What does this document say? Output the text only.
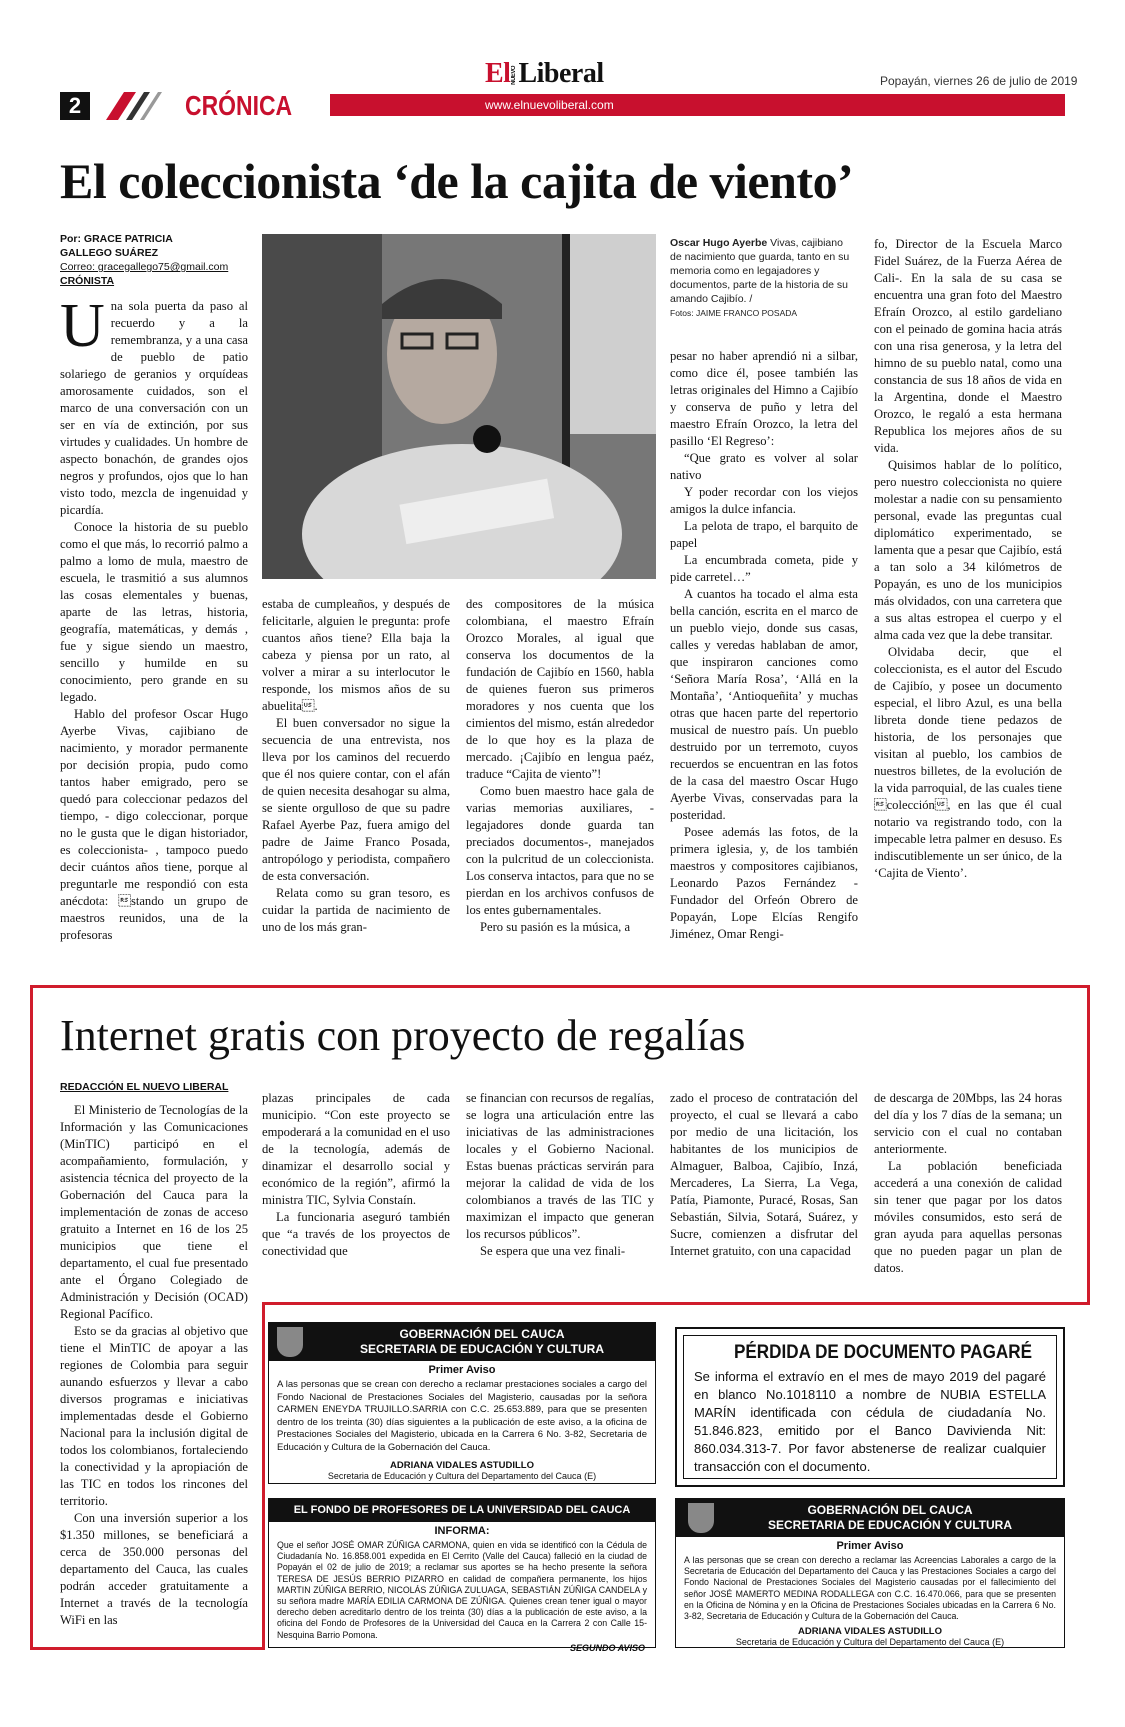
2	CRÓNICA
ElNUEVOLiberal
www.elnuevoliberal.com
Popayán, viernes 26 de julio de 2019
El coleccionista ‘de la cajita de viento’
Por: GRACE PATRICIA
GALLEGO SUÁREZ
Correo: gracegallego75@gmail.com
CRÓNISTA
U na sola puerta da paso al recuerdo y a la remembranza, y a una casa de pueblo de patio solariego de geranios y orquídeas amorosamente cuidados, son el marco de una conversación con un ser en vía de extinción, por sus virtudes y cualidades. Un hombre de aspecto bonachón, de grandes ojos negros y profundos, ojos que lo han visto todo, mezcla de ingenuidad y picardía.

Conoce la historia de su pueblo como el que más, lo recorrió palmo a palmo a lomo de mula, maestro de escuela, le trasmitió a sus alumnos las cosas elementales y buenas, aparte de las letras, historia, geografía, matemáticas, y demás , fue y sigue siendo un maestro, sencillo y humilde en su conocimiento, pero grande en su legado.

Hablo del profesor Oscar Hugo Ayerbe Vivas, cajibiano de nacimiento, y morador permanente por decisión propia, pudo como tantos haber emigrado, pero se quedó para coleccionar pedazos del tiempo, - digo coleccionar, porque no le gusta que le digan historiador, es coleccionista- , tampoco puedo decir cuántos años tiene, porque al preguntarle me respondió con esta anécdota: stando un grupo de maestros reunidos, una de la profesoras

estaba de cumpleaños, y después de felicitarle, alguien le pregunta: profe cuantos años tiene? Ella baja la cabeza y piensa por un rato, al volver a mirar a su interlocutor le responde, los mismos años de su abuelita.

El buen conversador no sigue la secuencia de una entrevista, nos lleva por los caminos del recuerdo que él nos quiere contar, con el afán de quien necesita desahogar su alma, se siente orgulloso de que su padre Rafael Ayerbe Paz, fuera amigo del padre de Jaime Franco Posada, antropólogo y periodista, compañero de esta conversación.

Relata como su gran tesoro, es cuidar la partida de nacimiento de uno de los más gran-

des compositores de la música colombiana, el maestro Efraín Orozco Morales, al igual que conserva los documentos de la fundación de Cajibío en 1560, habla de quienes fueron sus primeros moradores y nos cuenta que los cimientos del mismo, están alrededor de lo que hoy es la plaza de mercado. ¡Cajibío en lengua paéz, traduce “Cajita de viento”!

Como buen maestro hace gala de varias memorias auxiliares, - legajadores donde guarda tan preciados documentos-, manejados con la pulcritud de un coleccionista. Los conserva intactos, para que no se pierdan en los archivos confusos de los entes gubernamentales.

Pero su pasión es la música, a

Oscar Hugo Ayerbe Vivas, cajibiano de nacimiento que guarda, tanto en su memoria como en legajadores y documentos, parte de la historia de su amando Cajibío. /
Fotos: JAIME FRANCO POSADA

pesar no haber aprendió ni a silbar, como dice él, posee también las letras originales del Himno a Cajibío y conserva de puño y letra del maestro Efraín Orozco, la letra del pasillo ‘El Regreso’:

“Que grato es volver al solar nativo

Y poder recordar con los viejos amigos la dulce infancia.

La pelota de trapo, el barquito de papel

La encumbrada cometa, pide y pide carretel…”

A cuantos ha tocado el alma esta bella canción, escrita en el marco de un pueblo viejo, donde sus casas, calles y veredas hablaban de amor, que inspiraron canciones como ‘Señora María Rosa’, ‘Allá en la Montaña’, ‘Antioqueñita’ y muchas otras que hacen parte del repertorio musical de nuestro país. Un pueblo destruido por un terremoto, cuyos recuerdos se encuentran en las fotos de la casa del maestro Oscar Hugo Ayerbe Vivas, conservadas para la posteridad.

Posee además las fotos, de la primera iglesia, y, de los también maestros y compositores cajibianos, Leonardo Pazos Fernández -Fundador del Orfeón Obrero de Popayán, Lope Elcías Rengifo Jiménez, Omar Rengi-

fo, Director de la Escuela Marco Fidel Suárez, de la Fuerza Aérea de Cali-. En la sala de su casa se encuentra una gran foto del Maestro Efraín Orozco, al estilo gardeliano con el peinado de gomina hacia atrás con una risa generosa, y la letra del himno de su pueblo natal, como una constancia de sus 18 años de vida en la Argentina, donde el Maestro Orozco, le regaló a esta hermana Republica los mejores años de su vida.

Quisimos hablar de lo político, pero nuestro coleccionista no quiere molestar a nadie con su pensamiento personal, evade las preguntas cual diplomático experimentado, se lamenta que a pesar que Cajibío, está a tan solo a 34 kilómetros de Popayán, es uno de los municipios más olvidados, con una carretera que a sus altas estropea el cuerpo y el alma cada vez que la debe transitar.

Olvidaba decir, que el coleccionista, es el autor del Escudo de Cajibío, y posee un documento especial, el libro Azul, es una bella libreta donde tiene pedazos de historia, de los personajes que visitan al pueblo, los cambios de nuestros billetes, de la evolución de la vida parroquial, de las cuales tiene colección, en las que él cual notario va registrando todo, con la impecable letra palmer en desuso. Es indiscutiblemente un ser único, de la ‘Cajita de Viento’.

Internet gratis con proyecto de regalías
REDACCIÓN EL NUEVO LIBERAL

El Ministerio de Tecnologías de la Información y las Comunicaciones (MinTIC) participó en el acompañamiento, formulación, y asistencia técnica del proyecto de la Gobernación del Cauca para la implementación de zonas de acceso gratuito a Internet en 16 de los 25 municipios que tiene el departamento, el cual fue presentado ante el Órgano Colegiado de Administración y Decisión (OCAD) Regional Pacífico.

Esto se da gracias al objetivo que tiene el MinTIC de apoyar a las regiones de Colombia para seguir aunando esfuerzos y llevar a cabo diversos programas e iniciativas implementadas desde el Gobierno Nacional para la inclusión digital de todos los colombianos, fortaleciendo la conectividad y la apropiación de las TIC en todos los rincones del territorio.

Con una inversión superior a los $1.350 millones, se beneficiará a cerca de 350.000 personas del departamento del Cauca, las cuales podrán acceder gratuitamente a Internet a través de la tecnología WiFi en las

plazas principales de cada municipio. “Con este proyecto se empoderará a la comunidad en el uso de la tecnología, además de dinamizar el desarrollo social y económico de la región”, afirmó la ministra TIC, Sylvia Constaín.

La funcionaria aseguró también que “a través de los proyectos de conectividad que

se financian con recursos de regalías, se logra una articulación entre las iniciativas de las administraciones locales y el Gobierno Nacional. Estas buenas prácticas servirán para mejorar la calidad de vida de los colombianos a través de las TIC y maximizan el impacto que generan los recursos públicos”.

Se espera que una vez finali-

zado el proceso de contratación del proyecto, el cual se llevará a cabo por medio de una licitación, los habitantes de los municipios de Almaguer, Balboa, Cajibío, Inzá, Mercaderes, La Sierra, La Vega, Patía, Piamonte, Puracé, Rosas, San Sebastián, Silvia, Sotará, Suárez, y Sucre, comienzen a disfrutar del Internet gratuito, con una capacidad

de descarga de 20Mbps, las 24 horas del día y los 7 días de la semana; un servicio con el cual no contaban anteriormente.

La población beneficiada accederá a una conexión de calidad sin tener que pagar por los datos móviles consumidos, esto será de gran ayuda para aquellas personas que no pueden pagar un plan de datos.

GOBERNACIÓN DEL CAUCA
SECRETARIA DE EDUCACIÓN Y CULTURA
Primer Aviso
A las personas que se crean con derecho a reclamar prestaciones sociales a cargo del Fondo Nacional de Prestaciones Sociales del Magisterio, causadas por la señora CARMEN ENEYDA TRUJILLO.SARRIA con C.C. 25.653.889, para que se presenten dentro de los treinta (30) días siguientes a la publicación de este aviso, a la oficina de Prestaciones Sociales del Magisterio, ubicada en la Carrera 6 No. 3-82, Secretaria de Educación y Cultura de la Gobernación del Cauca.
ADRIANA VIDALES ASTUDILLO
Secretaria de Educación y Cultura del Departamento del Cauca (E)
PÉRDIDA DE DOCUMENTO PAGARÉ
Se informa el extravío en el mes de mayo 2019 del pagaré en blanco No.1018110 a nombre de NUBIA ESTELLA MARÍN identificada con cédula de ciudadanía No. 51.846.823, emitido por el Banco Davivienda Nit: 860.034.313-7. Por favor abstenerse de realizar cualquier transacción con el documento.
EL FONDO DE PROFESORES DE LA UNIVERSIDAD DEL CAUCA
INFORMA:
Que el señor JOSÉ OMAR ZÚÑIGA CARMONA, quien en vida se identificó con la Cédula de Ciudadanía No. 16.858.001 expedida en El Cerrito (Valle del Cauca) falleció en la ciudad de Popayán el 02 de julio de 2019; a reclamar sus aportes se ha hecho presente la señora TERESA DE JESÚS BERRIO PIZARRO en calidad de compañera permanente, los hijos MARTIN ZÚÑIGA BERRIO, NICOLÁS ZÚÑIGA ZULUAGA, SEBASTIÁN ZÚÑIGA CANDELA y su señora madre MARÍA EDILIA CARMONA DE ZÚÑIGA. Quienes crean tener igual o mayor derecho deben acreditarlo dentro de los treinta (30) días a la publicación de este aviso, a la oficina del Fondo de Profesores de la Universidad del Cauca en la Carrera 2 con Calle 15-Nesquina Barrio Pomona.
SEGUNDO AVISO
GOBERNACIÓN DEL CAUCA
SECRETARIA DE EDUCACIÓN Y CULTURA
Primer Aviso
A las personas que se crean con derecho a reclamar las Acreencias Laborales a cargo de la Secretaria de Educación del Departamento del Cauca y las Prestaciones Sociales a cargo del Fondo Nacional de Prestaciones Sociales del Magisterio causadas por el fallecimiento del señor JOSÉ MAMERTO MEDINA RODALLEGA con C.C. 16.470.066, para que se presenten en la Oficina de Nómina y en la Oficina de Prestaciones Sociales ubicadas en la Carrera 6 No. 3-82, Secretaria de Educación y Cultura de la Gobernación del Cauca.
ADRIANA VIDALES ASTUDILLO
Secretaria de Educación y Cultura del Departamento del Cauca (E)
